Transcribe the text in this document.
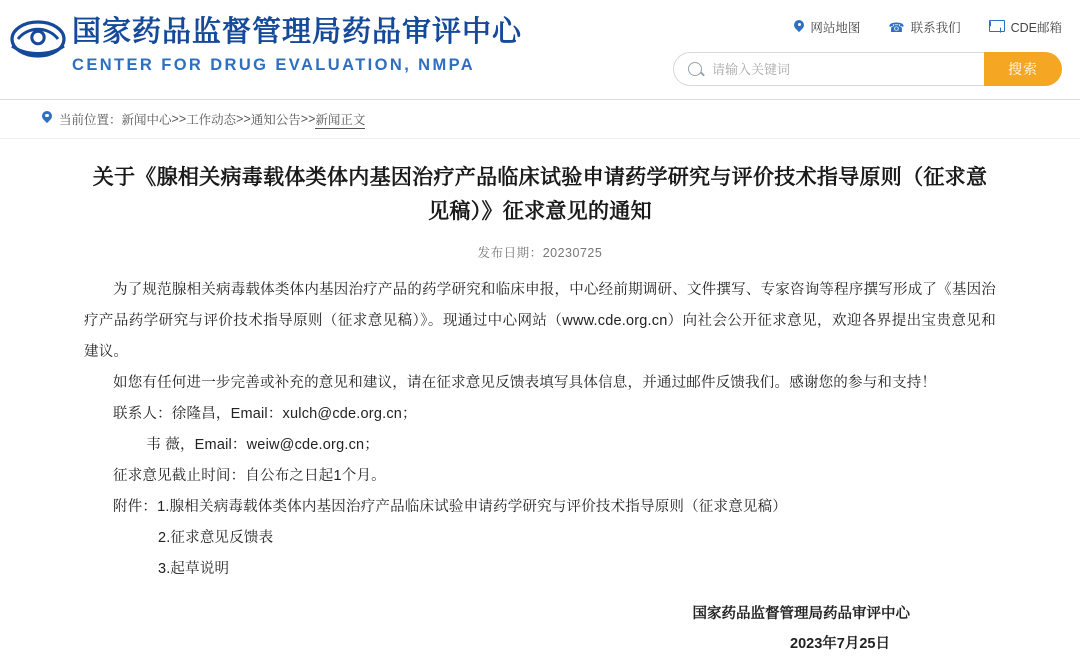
国家药品监督管理局药品审评中心
CENTER FOR DRUG EVALUATION, NMPA
网站地图 ☎ 联系我们	CDE邮箱
请输入关键词
搜索
当前位置： 新闻中心 >> 工作动态 >> 通知公告 >> 新闻正文
关于《腺相关病毒载体类体内基因治疗产品临床试验申请药学研究与评价技术指导原则（征求意见稿）》征求意见的通知
发布日期：20230725

为了规范腺相关病毒载体类体内基因治疗产品的药学研究和临床申报，中心经前期调研、文件撰写、专家咨询等程序撰写形成了《基因治疗产品药学研究与评价技术指导原则（征求意见稿）》。现通过中心网站（www.cde.org.cn）向社会公开征求意见，欢迎各界提出宝贵意见和建议。

如您有任何进一步完善或补充的意见和建议，请在征求意见反馈表填写具体信息，并通过邮件反馈我们。感谢您的参与和支持！

联系人：徐隆昌，Email：xulch@cde.org.cn；

韦 薇，Email：weiw@cde.org.cn；

征求意见截止时间：自公布之日起1个月。

附件：1.腺相关病毒载体类体内基因治疗产品临床试验申请药学研究与评价技术指导原则（征求意见稿）

2.征求意见反馈表

3.起草说明

国家药品监督管理局药品审评中心
2023年7月25日
